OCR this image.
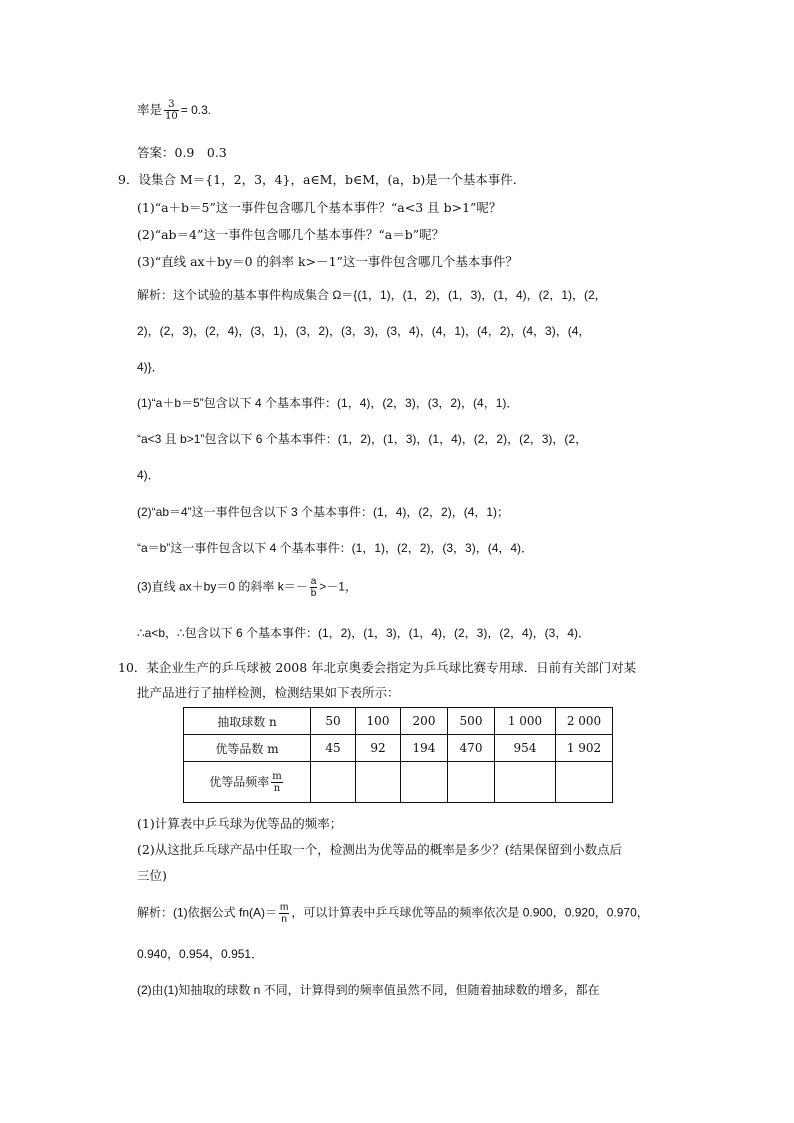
率是 $\frac{3}{10} = 0.3$.
答案：0.9　0.3
9．设集合 M＝{1，2，3，4}，a∈M，b∈M，(a，b)是一个基本事件．
(1)“a＋b＝5”这一事件包含哪几个基本事件？“a<3 且 b>1”呢？
(2)“ab＝4”这一事件包含哪几个基本事件？“a＝b”呢？
(3)“直线 ax＋by＝0 的斜率 k>－1”这一事件包含哪几个基本事件？
解析：这个试验的基本事件构成集合 Ω＝{(1，1)，(1，2)，(1，3)，(1，4)，(2，1)，(2，
2)，(2，3)，(2，4)，(3，1)，(3，2)，(3，3)，(3，4)，(4，1)，(4，2)，(4，3)，(4，
4)}．
(1)“a＋b＝5”包含以下 4 个基本事件：(1，4)，(2，3)，(3，2)，(4，1)．
“a<3 且 b>1”包含以下 6 个基本事件：(1，2)，(1，3)，(1，4)，(2，2)，(2，3)，(2，
4)．
(2)“ab＝4”这一事件包含以下 3 个基本事件：(1，4)，(2，2)，(4，1)；
“a＝b”这一事件包含以下 4 个基本事件：(1，1)，(2，2)，(3，3)，(4，4)．
(3)直线 ax＋by＝0 的斜率 $k=- \frac{a}{b} >-1$，
∴a<b，∴包含以下 6 个基本事件：(1，2)，(1，3)，(1，4)，(2，3)，(2，4)，(3，4)．
10．某企业生产的乒乓球被 2008 年北京奥委会指定为乒乓球比赛专用球．日前有关部门对某
批产品进行了抽样检测，检测结果如下表所示：
抽取球数 n	50	100	200	500	1 000	2 000
优等品数 m	45	92	194	470	954	1 902
优等品频率 $\frac{m}{n}$

(1)计算表中乒乓球为优等品的频率；
(2)从这批乒乓球产品中任取一个，检测出为优等品的概率是多少？(结果保留到小数点后
三位)
解析：(1)依据公式 $fn(A)= \frac{m}{n}$ ，可以计算表中乒乓球优等品的频率依次是 0.900，0.920，0.970，
0.940，0.954，0.951．
(2)由(1)知抽取的球数 n 不同，计算得到的频率值虽然不同，但随着抽球数的增多，都在
